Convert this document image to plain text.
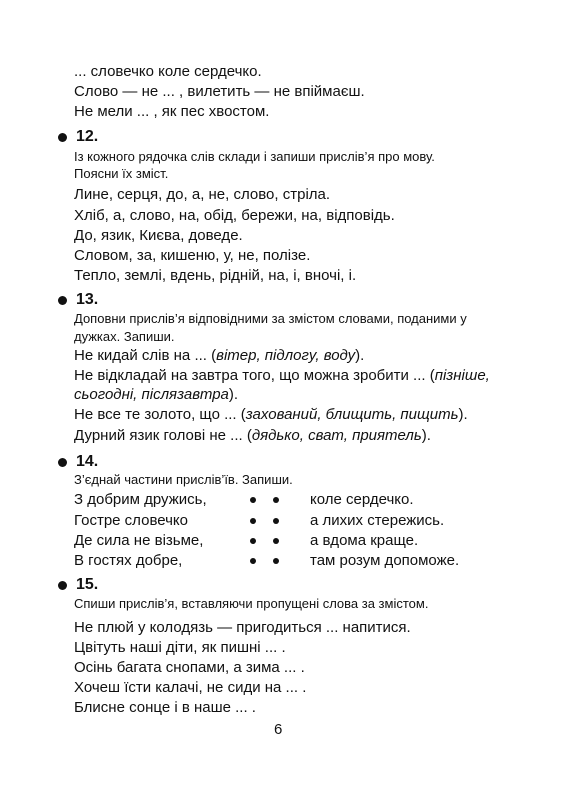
... словечко коле сердечко.
Слово — не ... , вилетить — не впіймаєш.
Не мели ... , як пес хвостом.
12.
Із кожного рядочка слів склади і запиши прислів’я про мову.
Поясни їх зміст.
Лине, серця, до, а, не, слово, стріла.
Хліб, а, слово, на, обід, бережи, на, відповідь.
До, язик, Києва, доведе.
Словом, за, кишеню, у, не, полізе.
Тепло, землі, вдень, рідній, на, і, вночі, і.
13.
Доповни прислів’я відповідними за змістом словами, поданими у
дужках. Запиши.
Не кидай слів на ... (вітер, підлогу, воду).
Не відкладай на завтра того, що можна зробити ... (пізніше,
сьогодні, післязавтра).
Не все те золото, що ... (захований, блищить, пищить).
Дурний язик голові не ... (дядько, сват, приятель).
14.
З’єднай частини прислів’їв. Запиши.
З добрим дружись,
Гостре словечко
Де сила не візьме,
В гостях добре,
коле сердечко.
а лихих стережись.
а вдома краще.
там розум допоможе.
15.
Спиши прислів’я, вставляючи пропущені слова за змістом.
Не плюй у колодязь — пригодиться ... напитися.
Цвітуть наші діти, як пишні ... .
Осінь багата снопами, а зима ... .
Хочеш їсти калачі, не сиди на ... .
Блисне сонце і в наше ... .
6
